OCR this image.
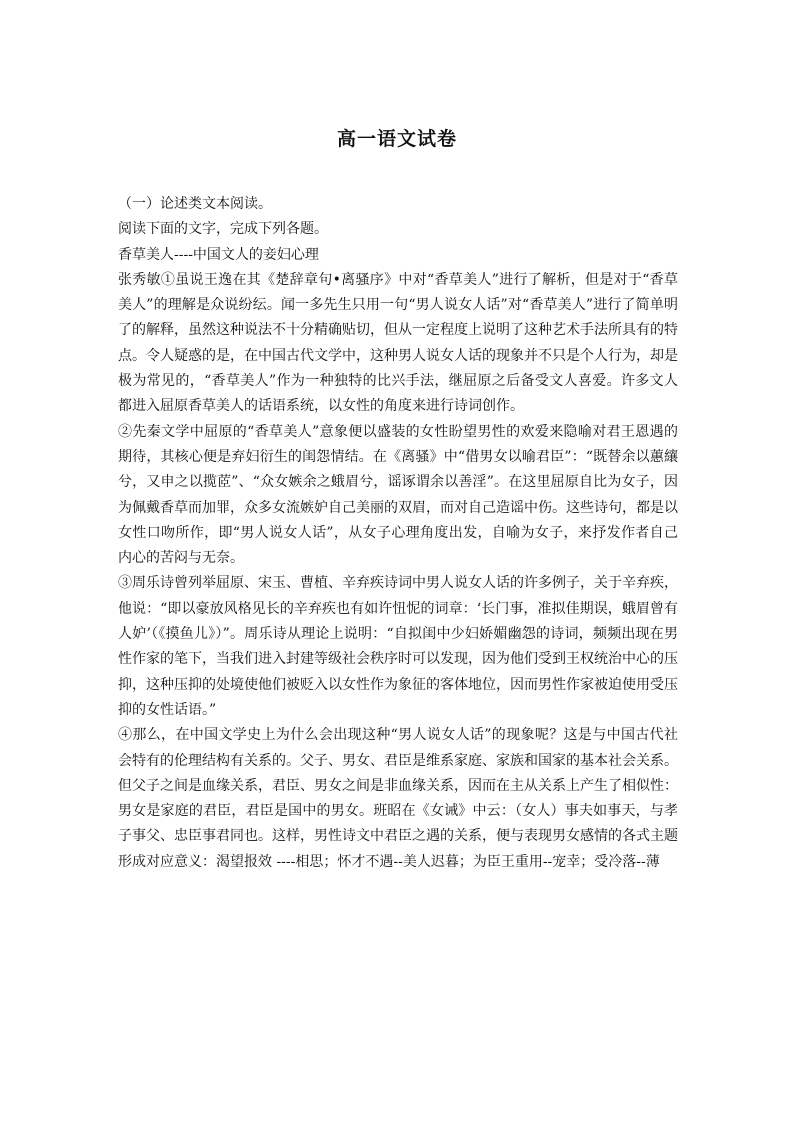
高一语文试卷

（一）论述类文本阅读。

阅读下面的文字，完成下列各题。

香草美人----中国文人的妾妇心理

张秀敏①虽说王逸在其《楚辞章句•离骚序》中对“香草美人”进行了解析，但是对于“香草美人”的理解是众说纷纭。闻一多先生只用一句“男人说女人话”对“香草美人”进行了简单明了的解释，虽然这种说法不十分精确贴切，但从一定程度上说明了这种艺术手法所具有的特点。令人疑惑的是，在中国古代文学中，这种男人说女人话的现象并不只是个人行为，却是极为常见的，“香草美人”作为一种独特的比兴手法，继屈原之后备受文人喜爱。许多文人都进入屈原香草美人的话语系统，以女性的角度来进行诗词创作。

②先秦文学中屈原的“香草美人”意象便以盛装的女性盼望男性的欢爱来隐喻对君王恩遇的期待，其核心便是弃妇衍生的闺怨情结。在《离骚》中“借男女以喻君臣”：“既替余以蕙纕兮，又申之以揽茝”、“众女嫉余之蛾眉兮，谣诼谓余以善淫”。在这里屈原自比为女子，因为佩戴香草而加罪，众多女流嫉妒自己美丽的双眉，而对自己造谣中伤。这些诗句，都是以女性口吻所作，即“男人说女人话”，从女子心理角度出发，自喻为女子，来抒发作者自己内心的苦闷与无奈。

③周乐诗曾列举屈原、宋玉、曹植、辛弃疾诗词中男人说女人话的许多例子，关于辛弃疾，他说：“即以豪放风格见长的辛弃疾也有如许忸怩的词章：‘长门事，准拟佳期误，蛾眉曾有人妒’（《摸鱼儿》）”。周乐诗从理论上说明：“自拟闺中少妇娇媚幽怨的诗词，频频出现在男性作家的笔下，当我们进入封建等级社会秩序时可以发现，因为他们受到王权统治中心的压抑，这种压抑的处境使他们被贬入以女性作为象征的客体地位，因而男性作家被迫使用受压抑的女性话语。”

④那么，在中国文学史上为什么会出现这种“男人说女人话”的现象呢？这是与中国古代社会特有的伦理结构有关系的。父子、男女、君臣是维系家庭、家族和国家的基本社会关系。但父子之间是血缘关系，君臣、男女之间是非血缘关系，因而在主从关系上产生了相似性：男女是家庭的君臣，君臣是国中的男女。班昭在《女诫》中云：（女人）事夫如事天，与孝子事父、忠臣事君同也。这样，男性诗文中君臣之遇的关系，便与表现男女感情的各式主题形成对应意义：渴望报效 ----相思；怀才不遇--美人迟暮；为臣王重用--宠幸；受冷落--薄
